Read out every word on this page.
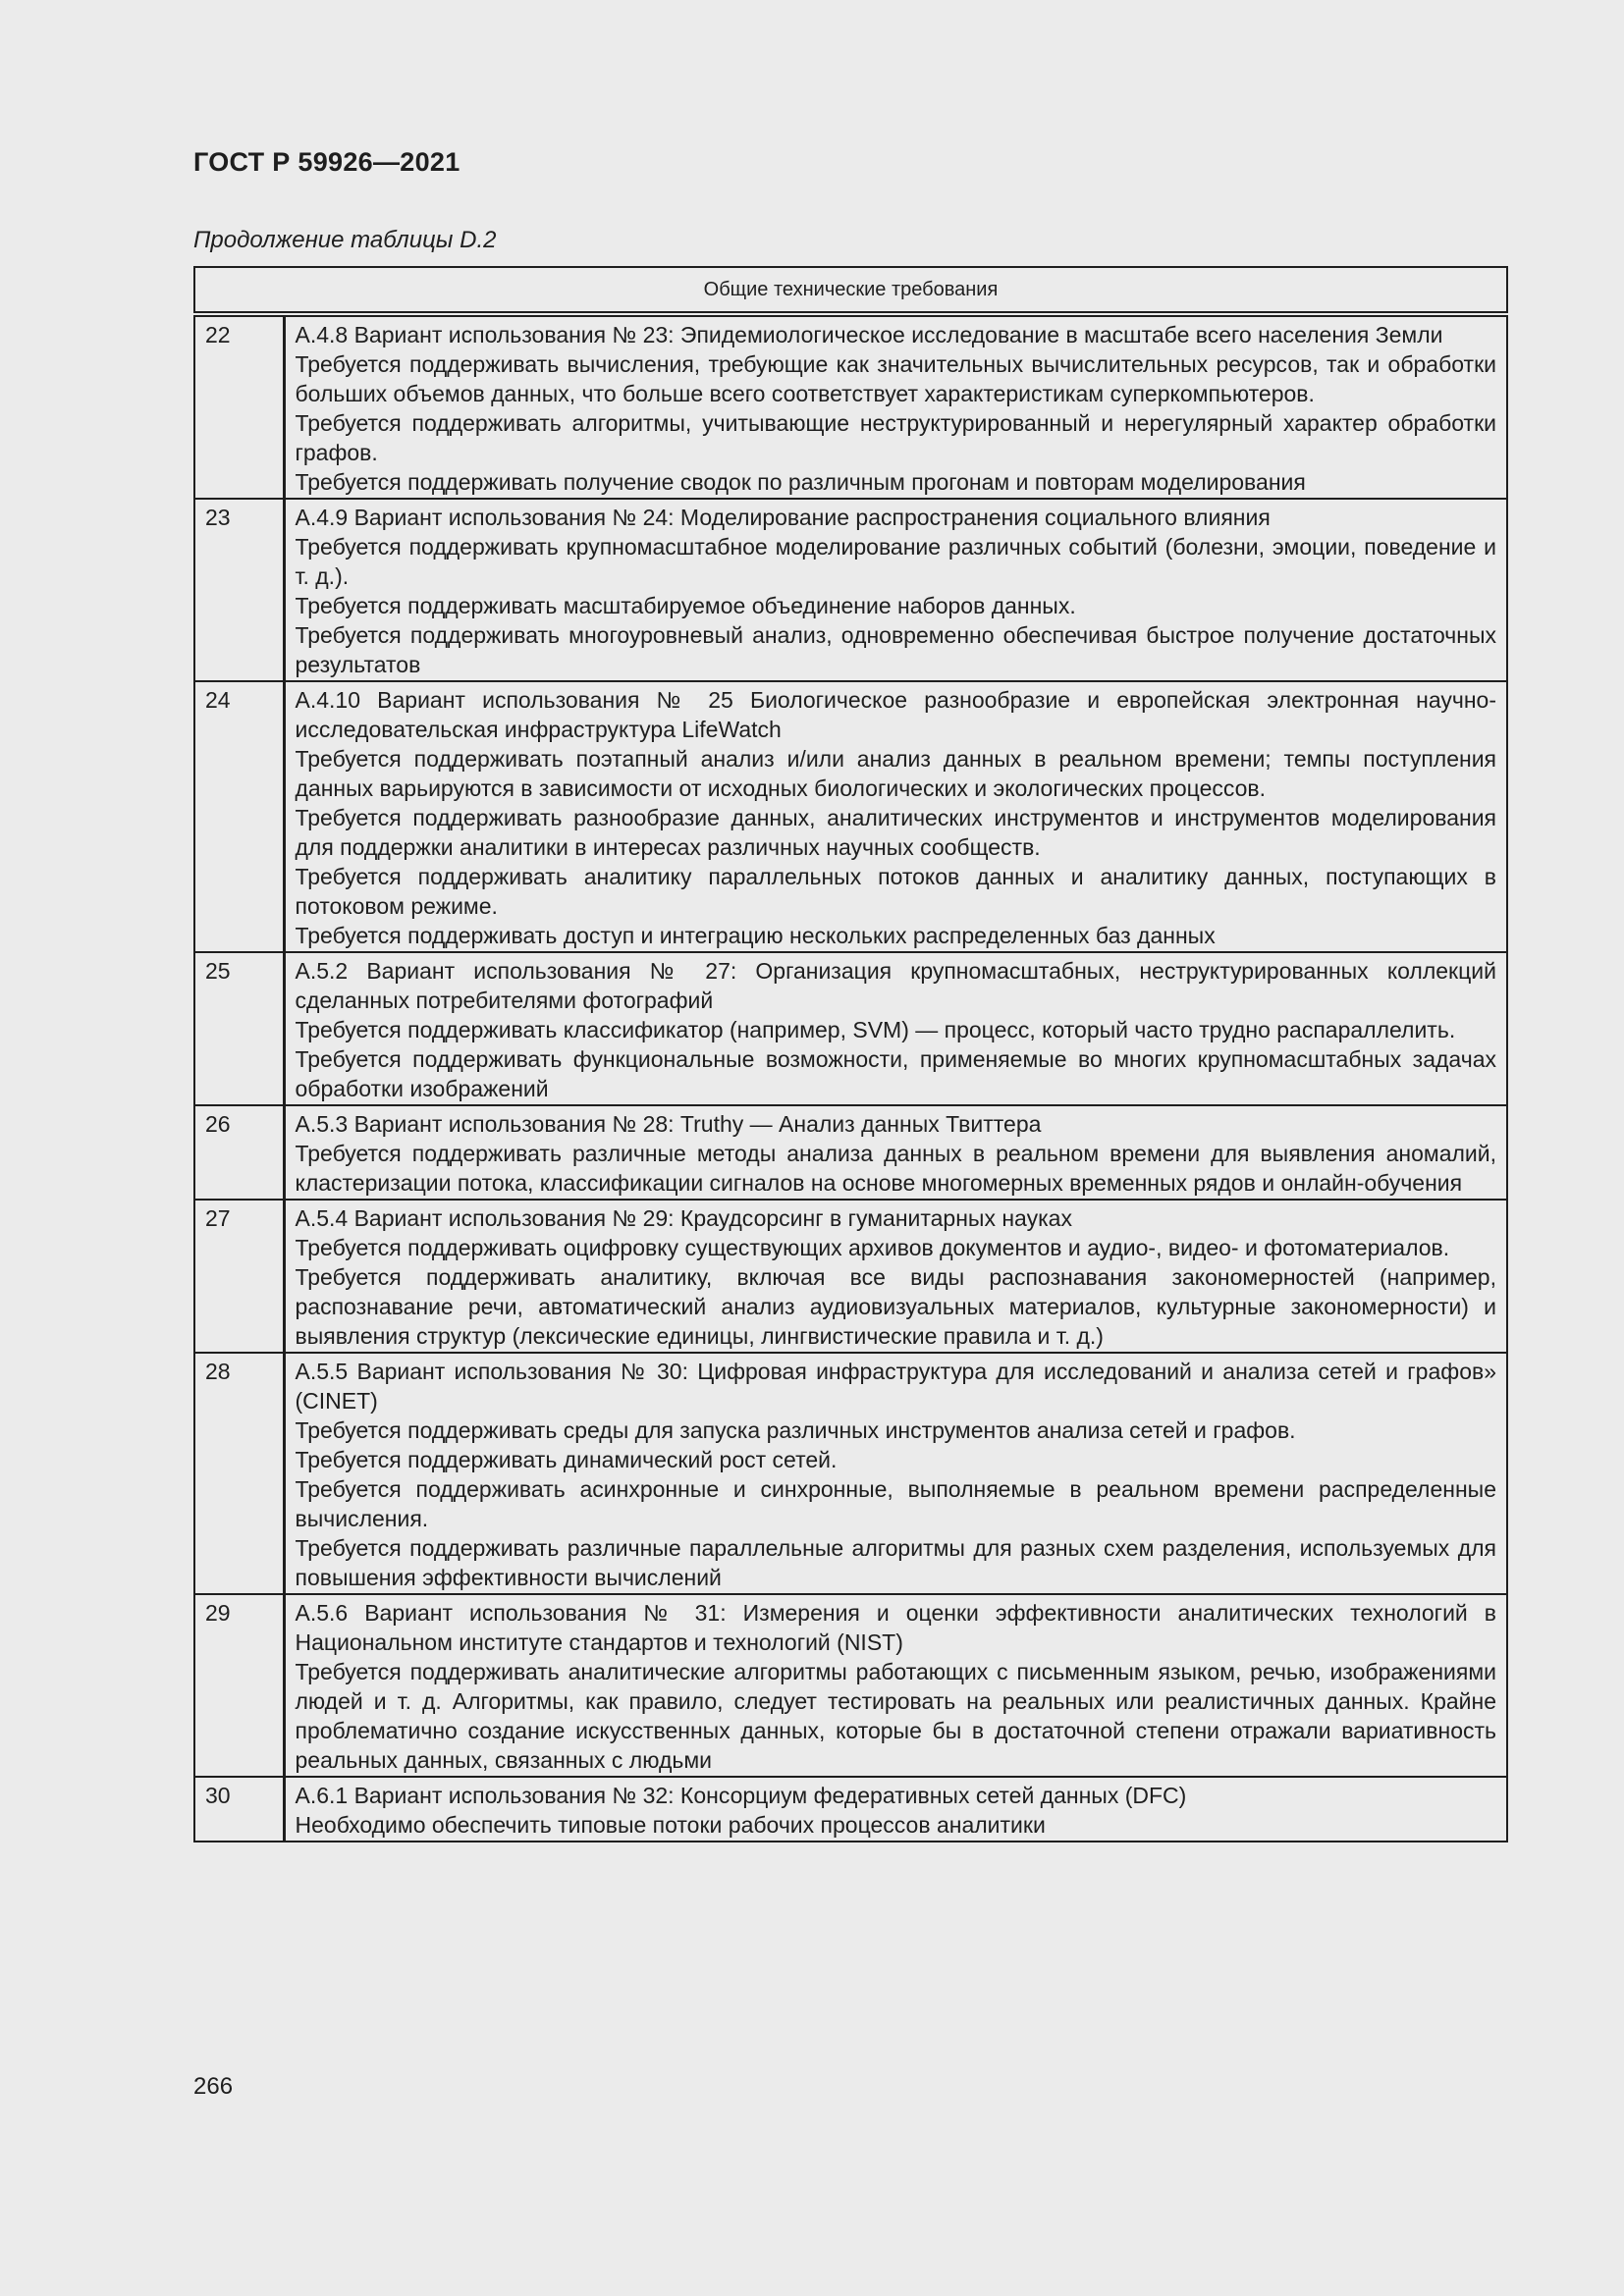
ГОСТ Р 59926—2021
Продолжение таблицы D.2
Общие технические требования	
22	А.4.8 Вариант использования № 23: Эпидемиологическое исследование в масштабе всего населения Земли
Требуется поддерживать вычисления, требующие как значительных вычислительных ресурсов, так и обработки больших объемов данных, что больше всего соответствует характеристикам суперкомпьютеров.
Требуется поддерживать алгоритмы, учитывающие неструктурированный и нерегулярный характер обработки графов.
Требуется поддерживать получение сводок по различным прогонам и повторам моделирования

23	А.4.9 Вариант использования № 24: Моделирование распространения социального влияния
Требуется поддерживать крупномасштабное моделирование различных событий (болезни, эмоции, поведение и т. д.).
Требуется поддерживать масштабируемое объединение наборов данных.
Требуется поддерживать многоуровневый анализ, одновременно обеспечивая быстрое получение достаточных результатов

24	А.4.10 Вариант использования № 25 Биологическое разнообразие и европейская электронная научно-исследовательская инфраструктура LifeWatch
Требуется поддерживать поэтапный анализ и/или анализ данных в реальном времени; темпы поступления данных варьируются в зависимости от исходных биологических и экологических процессов.
Требуется поддерживать разнообразие данных, аналитических инструментов и инструментов моделирования для поддержки аналитики в интересах различных научных сообществ.
Требуется поддерживать аналитику параллельных потоков данных и аналитику данных, поступающих в потоковом режиме.
Требуется поддерживать доступ и интеграцию нескольких распределенных баз данных

25	А.5.2 Вариант использования № 27: Организация крупномасштабных, неструктурированных коллекций сделанных потребителями фотографий
Требуется поддерживать классификатор (например, SVM) — процесс, который часто трудно распараллелить.
Требуется поддерживать функциональные возможности, применяемые во многих крупномасштабных задачах обработки изображений

26	А.5.3 Вариант использования № 28: Truthy — Анализ данных Твиттера
Требуется поддерживать различные методы анализа данных в реальном времени для выявления аномалий, кластеризации потока, классификации сигналов на основе многомерных временных рядов и онлайн-обучения

27	А.5.4 Вариант использования № 29: Краудсорсинг в гуманитарных науках
Требуется поддерживать оцифровку существующих архивов документов и аудио-, видео- и фотоматериалов.
Требуется поддерживать аналитику, включая все виды распознавания закономерностей (например, распознавание речи, автоматический анализ аудиовизуальных материалов, культурные закономерности) и выявления структур (лексические единицы, лингвистические правила и т. д.)

28	А.5.5 Вариант использования № 30: Цифровая инфраструктура для исследований и анализа сетей и графов» (CINET)
Требуется поддерживать среды для запуска различных инструментов анализа сетей и графов.
Требуется поддерживать динамический рост сетей.
Требуется поддерживать асинхронные и синхронные, выполняемые в реальном времени распределенные вычисления.
Требуется поддерживать различные параллельные алгоритмы для разных схем разделения, используемых для повышения эффективности вычислений

29	А.5.6 Вариант использования № 31: Измерения и оценки эффективности аналитических технологий в Национальном институте стандартов и технологий (NIST)
Требуется поддерживать аналитические алгоритмы работающих с письменным языком, речью, изображениями людей и т. д. Алгоритмы, как правило, следует тестировать на реальных или реалистичных данных. Крайне проблематично создание искусственных данных, которые бы в достаточной степени отражали вариативность реальных данных, связанных с людьми

30	А.6.1 Вариант использования № 32: Консорциум федеративных сетей данных (DFC)
Необходимо обеспечить типовые потоки рабочих процессов аналитики
266
